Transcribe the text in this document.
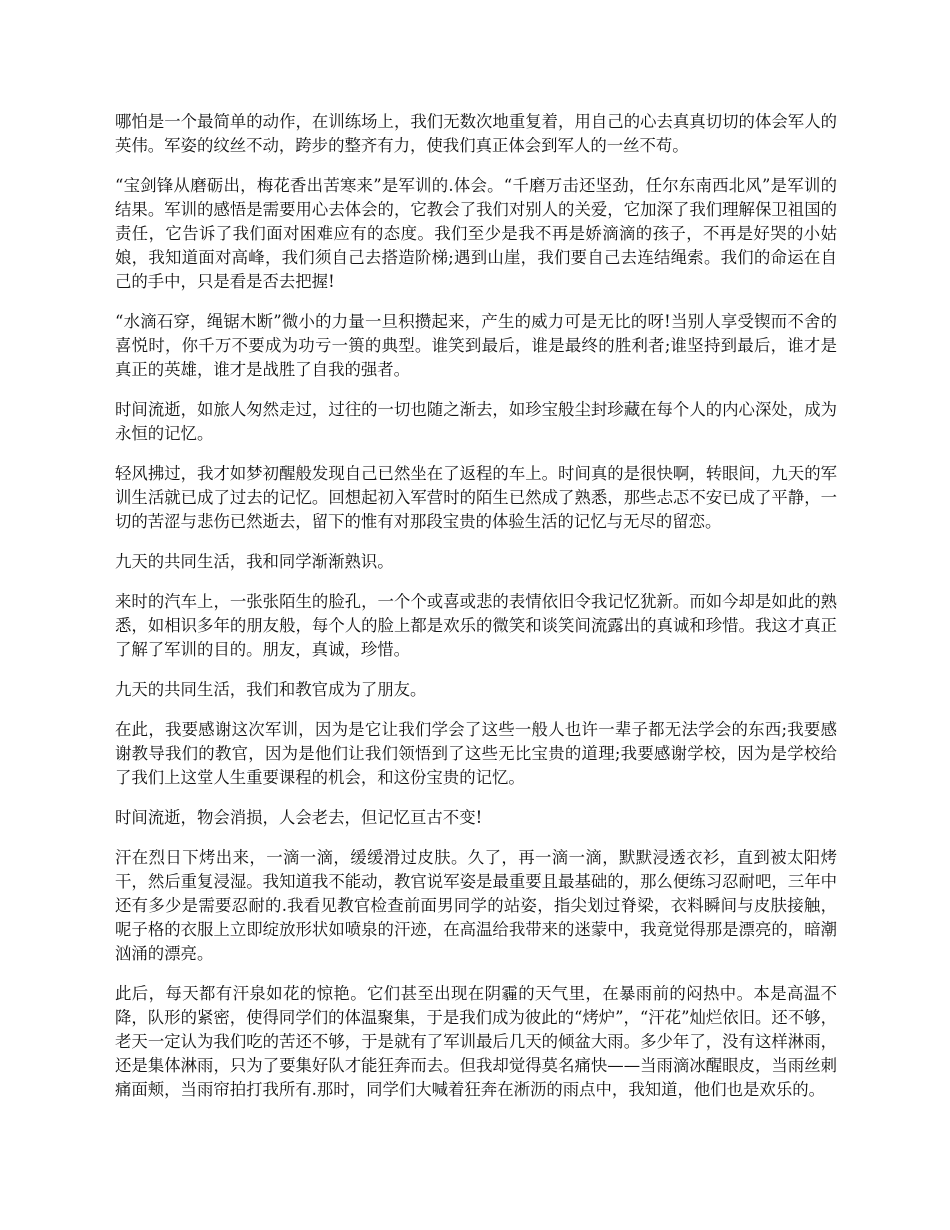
哪怕是一个最简单的动作，在训练场上，我们无数次地重复着，用自己的心去真真切切的体会军人的英伟。军姿的纹丝不动，跨步的整齐有力，使我们真正体会到军人的一丝不苟。

“宝剑锋从磨砺出，梅花香出苦寒来”是军训的.体会。“千磨万击还坚劲，任尔东南西北风”是军训的结果。军训的感悟是需要用心去体会的，它教会了我们对别人的关爱，它加深了我们理解保卫祖国的责任，它告诉了我们面对困难应有的态度。我们至少是我不再是娇滴滴的孩子，不再是好哭的小姑娘，我知道面对高峰，我们须自己去搭造阶梯;遇到山崖，我们要自己去连结绳索。我们的命运在自己的手中，只是看是否去把握!

“水滴石穿，绳锯木断”微小的力量一旦积攒起来，产生的威力可是无比的呀!当别人享受锲而不舍的喜悦时，你千万不要成为功亏一篑的典型。谁笑到最后，谁是最终的胜利者;谁坚持到最后，谁才是真正的英雄，谁才是战胜了自我的强者。

时间流逝，如旅人匆然走过，过往的一切也随之渐去，如珍宝般尘封珍藏在每个人的内心深处，成为永恒的记忆。

轻风拂过，我才如梦初醒般发现自己已然坐在了返程的车上。时间真的是很快啊，转眼间，九天的军训生活就已成了过去的记忆。回想起初入军营时的陌生已然成了熟悉，那些忐忑不安已成了平静，一切的苦涩与悲伤已然逝去，留下的惟有对那段宝贵的体验生活的记忆与无尽的留恋。

九天的共同生活，我和同学渐渐熟识。

来时的汽车上，一张张陌生的脸孔，一个个或喜或悲的表情依旧令我记忆犹新。而如今却是如此的熟悉，如相识多年的朋友般，每个人的脸上都是欢乐的微笑和谈笑间流露出的真诚和珍惜。我这才真正了解了军训的目的。朋友，真诚，珍惜。

九天的共同生活，我们和教官成为了朋友。

在此，我要感谢这次军训，因为是它让我们学会了这些一般人也许一辈子都无法学会的东西;我要感谢教导我们的教官，因为是他们让我们领悟到了这些无比宝贵的道理;我要感谢学校，因为是学校给了我们上这堂人生重要课程的机会，和这份宝贵的记忆。

时间流逝，物会消损，人会老去，但记忆亘古不变!

汗在烈日下烤出来，一滴一滴，缓缓滑过皮肤。久了，再一滴一滴，默默浸透衣衫，直到被太阳烤干，然后重复浸湿。我知道我不能动，教官说军姿是最重要且最基础的，那么便练习忍耐吧，三年中还有多少是需要忍耐的.我看见教官检查前面男同学的站姿，指尖划过脊梁，衣料瞬间与皮肤接触，呢子格的衣服上立即绽放形状如喷泉的汗迹，在高温给我带来的迷蒙中，我竟觉得那是漂亮的，暗潮汹涌的漂亮。

此后，每天都有汗泉如花的惊艳。它们甚至出现在阴霾的天气里，在暴雨前的闷热中。本是高温不降，队形的紧密，使得同学们的体温聚集，于是我们成为彼此的“烤炉”，“汗花”灿烂依旧。还不够，老天一定认为我们吃的苦还不够，于是就有了军训最后几天的倾盆大雨。多少年了，没有这样淋雨，还是集体淋雨，只为了要集好队才能狂奔而去。但我却觉得莫名痛快——当雨滴冰醒眼皮，当雨丝刺痛面颊，当雨帘拍打我所有.那时，同学们大喊着狂奔在淅沥的雨点中，我知道，他们也是欢乐的。
